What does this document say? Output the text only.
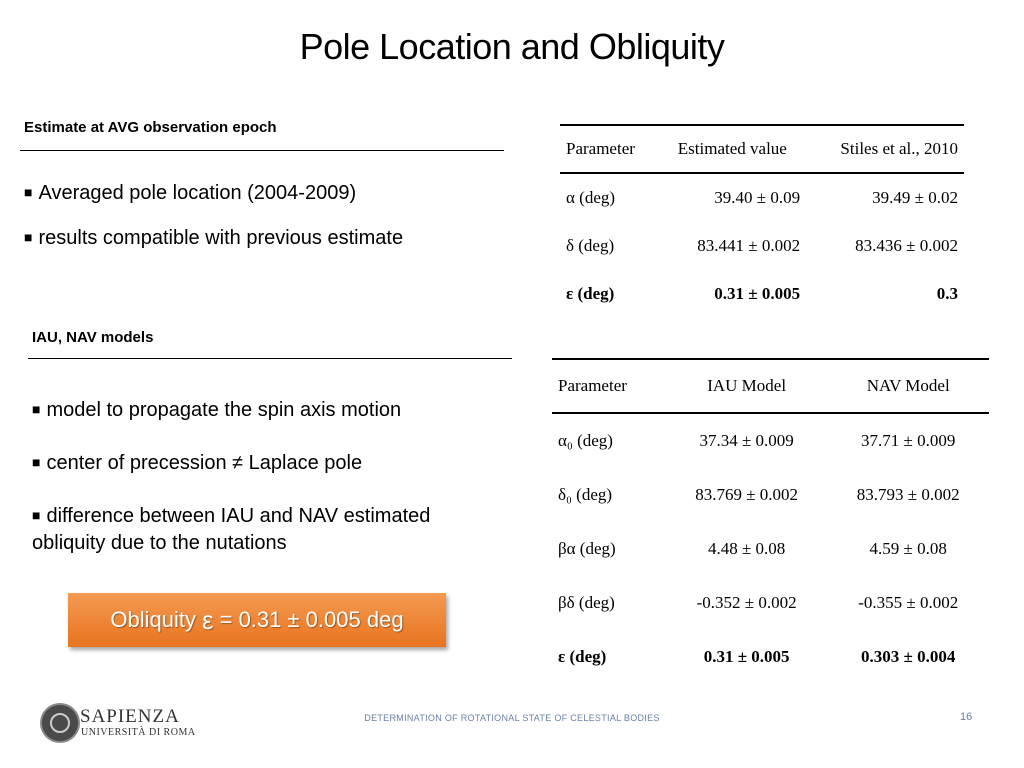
Pole Location and Obliquity
Estimate at AVG observation epoch
■ Averaged pole location (2004-2009)
■ results compatible with previous estimate
IAU, NAV models
■ model to propagate the spin axis motion
■ center of precession ≠ Laplace pole
■ difference between IAU and NAV estimated
obliquity due to the nutations
Obliquity ε = 0.31 ± 0.005 deg
Parameter	Estimated value	Stiles et al., 2010
α (deg)	39.40 ± 0.09	39.49 ± 0.02
δ (deg)	83.441 ± 0.002	83.436 ± 0.002
ε (deg)	0.31 ± 0.005	0.3
Parameter	IAU Model	NAV Model
α₀ (deg)	37.34 ± 0.009	37.71 ± 0.009
δ₀ (deg)	83.769 ± 0.002	83.793 ± 0.002
βα (deg)	4.48 ± 0.08	4.59 ± 0.08
βδ (deg)	-0.352 ± 0.002	-0.355 ± 0.002
ε (deg)	0.31 ± 0.005	0.303 ± 0.004
SAPIENZA
UNIVERSITÀ DI ROMA
DETERMINATION OF ROTATIONAL STATE OF CELESTIAL BODIES	16
